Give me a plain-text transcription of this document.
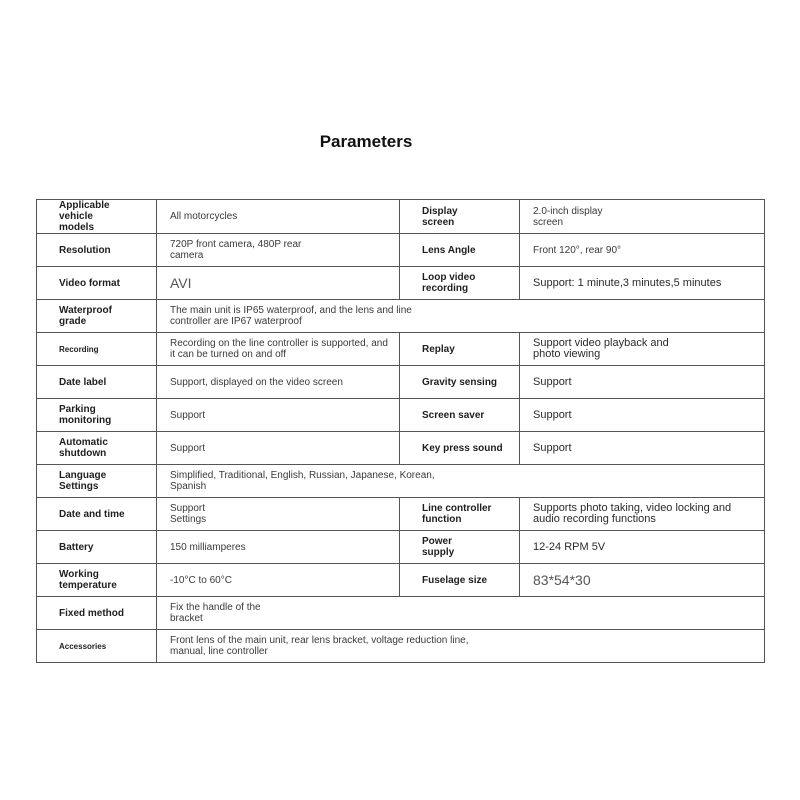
Parameters
Applicable vehicle models	All motorcycles	Display screen	2.0-inch display screen

Resolution	720P front camera, 480P rear camera	Lens Angle	Front 120°, rear 90°
Video format	AVI	Loop video recording	Support: 1 minute,3 minutes,5 minutes

Waterproof grade	The main unit is IP65 waterproof, and the lens and line controller are IP67 waterproof		

Recording	Recording on the line controller is supported, and it can be turned on and off	Replay	Support video playback and photo viewing

Date label	Support, displayed on the video screen	Gravity sensing	Support

Parking monitoring	Support	Screen saver	Support

Automatic shutdown	Support	Key press sound	Support

Language Settings	Simplified, Traditional, English, Russian, Japanese, Korean, Spanish		

Date and time	Support Settings	Line controller function	Supports photo taking, video locking and audio recording functions

Battery	150 milliamperes	Power supply	12-24 RPM 5V

Working temperature	-10°C to 60°C	Fuselage size	83*54*30
Fixed method	Fix the handle of the bracket		

Accessories	Front lens of the main unit, rear lens bracket, voltage reduction line, manual, line controller		
